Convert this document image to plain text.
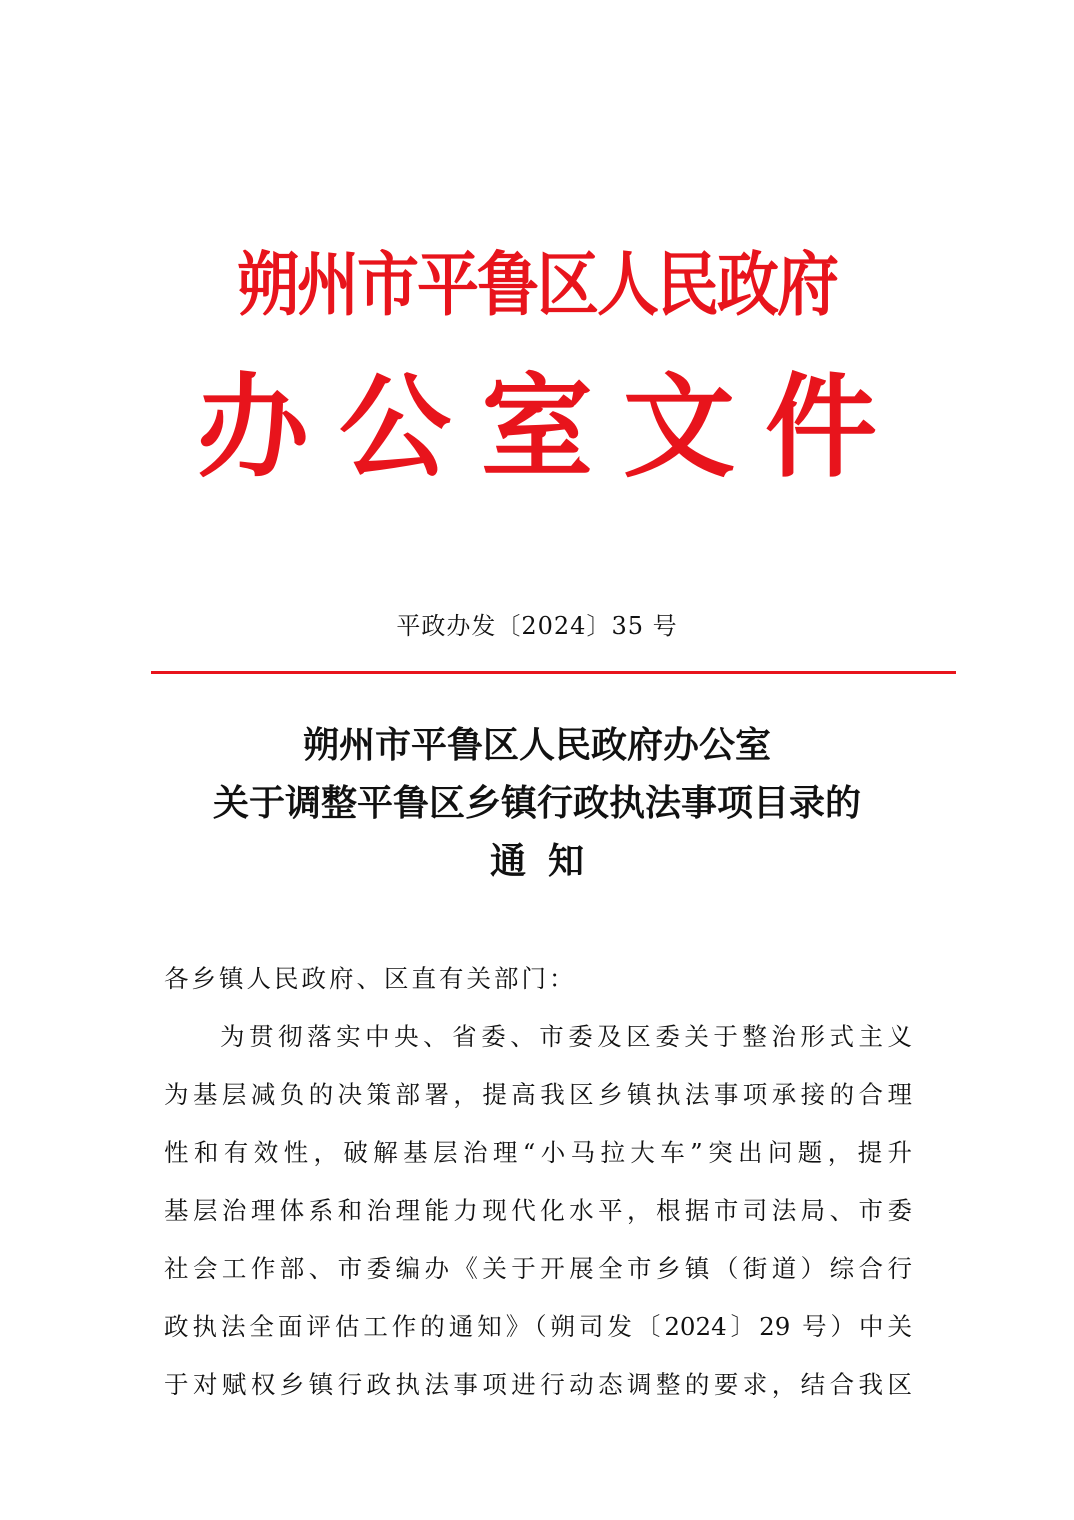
朔州市平鲁区人民政府
办公室文件
平政办发〔2024〕35 号
朔州市平鲁区人民政府办公室
关于调整平鲁区乡镇行政执法事项目录的
通知
各乡镇人民政府、区直有关部门：
为贯彻落实中央、省委、市委及区委关于整治形式主义
为基层减负的决策部署，提高我区乡镇执法事项承接的合理
性和有效性，破解基层治理“小马拉大车”突出问题，提升
基层治理体系和治理能力现代化水平，根据市司法局、市委
社会工作部、市委编办《关于开展全市乡镇（街道）综合行
政执法全面评估工作的通知》（朔司发〔2024〕29 号）中关
于对赋权乡镇行政执法事项进行动态调整的要求，结合我区
